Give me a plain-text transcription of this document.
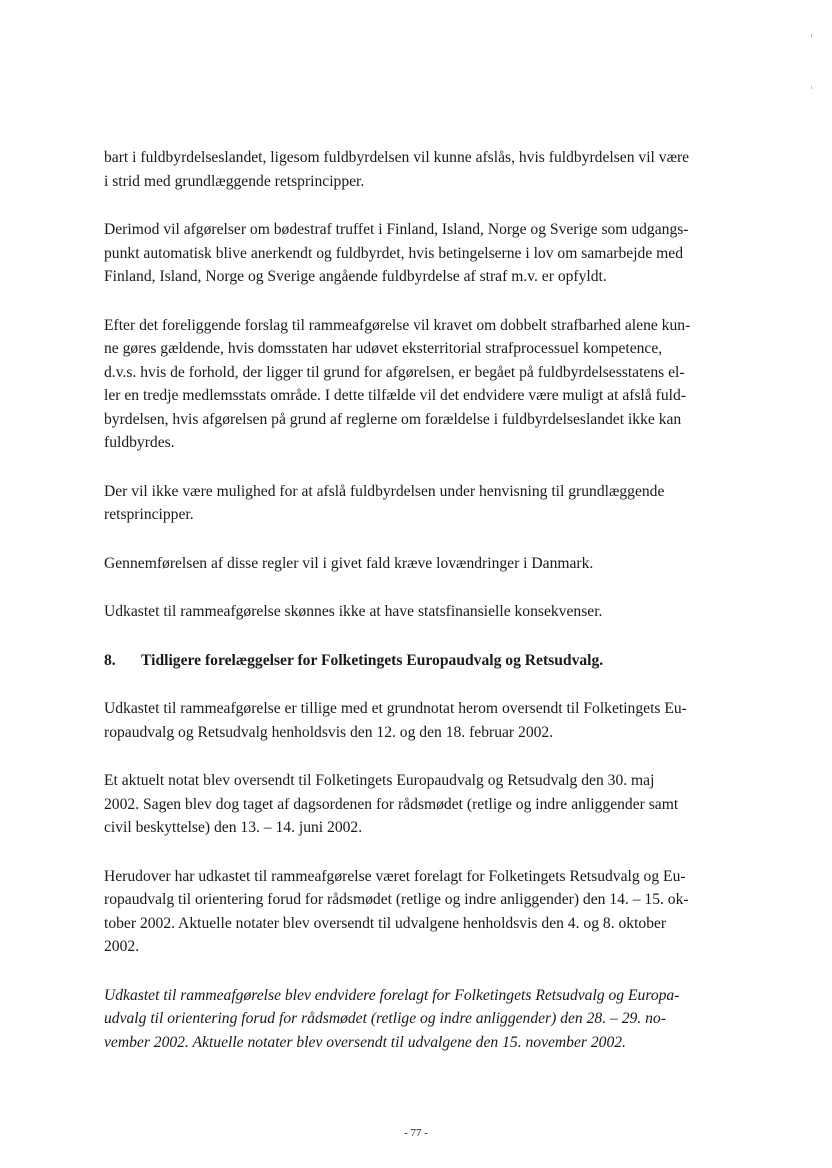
bart i fuldbyrdelseslandet, ligesom fuldbyrdelsen vil kunne afslås, hvis fuldbyrdelsen vil være
i strid med grundlæggende retsprincipper.

Derimod vil afgørelser om bødestraf truffet i Finland, Island, Norge og Sverige som udgangs-
punkt automatisk blive anerkendt og fuldbyrdet, hvis betingelserne i lov om samarbejde med
Finland, Island, Norge og Sverige angående fuldbyrdelse af straf m.v. er opfyldt.

Efter det foreliggende forslag til rammeafgørelse vil kravet om dobbelt strafbarhed alene kun-
ne gøres gældende, hvis domsstaten har udøvet eksterritorial strafprocessuel kompetence,
d.v.s. hvis de forhold, der ligger til grund for afgørelsen, er begået på fuldbyrdelsesstatens el-
ler en tredje medlemsstats område. I dette tilfælde vil det endvidere være muligt at afslå fuld-
byrdelsen, hvis afgørelsen på grund af reglerne om forældelse i fuldbyrdelseslandet ikke kan
fuldbyrdes.

Der vil ikke være mulighed for at afslå fuldbyrdelsen under henvisning til grundlæggende
retsprincipper.

Gennemførelsen af disse regler vil i givet fald kræve lovændringer i Danmark.

Udkastet til rammeafgørelse skønnes ikke at have statsfinansielle konsekvenser.

8. Tidligere forelæggelser for Folketingets Europaudvalg og Retsudvalg.

Udkastet til rammeafgørelse er tillige med et grundnotat herom oversendt til Folketingets Eu-
ropaudvalg og Retsudvalg henholdsvis den 12. og den 18. februar 2002.

Et aktuelt notat blev oversendt til Folketingets Europaudvalg og Retsudvalg den 30. maj
2002. Sagen blev dog taget af dagsordenen for rådsmødet (retlige og indre anliggender samt
civil beskyttelse) den 13. – 14. juni 2002.

Herudover har udkastet til rammeafgørelse været forelagt for Folketingets Retsudvalg og Eu-
ropaudvalg til orientering forud for rådsmødet (retlige og indre anliggender) den 14. – 15. ok-
tober 2002. Aktuelle notater blev oversendt til udvalgene henholdsvis den 4. og 8. oktober
2002.

Udkastet til rammeafgørelse blev endvidere forelagt for Folketingets Retsudvalg og Europa-
udvalg til orientering forud for rådsmødet (retlige og indre anliggender) den 28. – 29. no-
vember 2002. Aktuelle notater blev oversendt til udvalgene den 15. november 2002.

- 77 -
